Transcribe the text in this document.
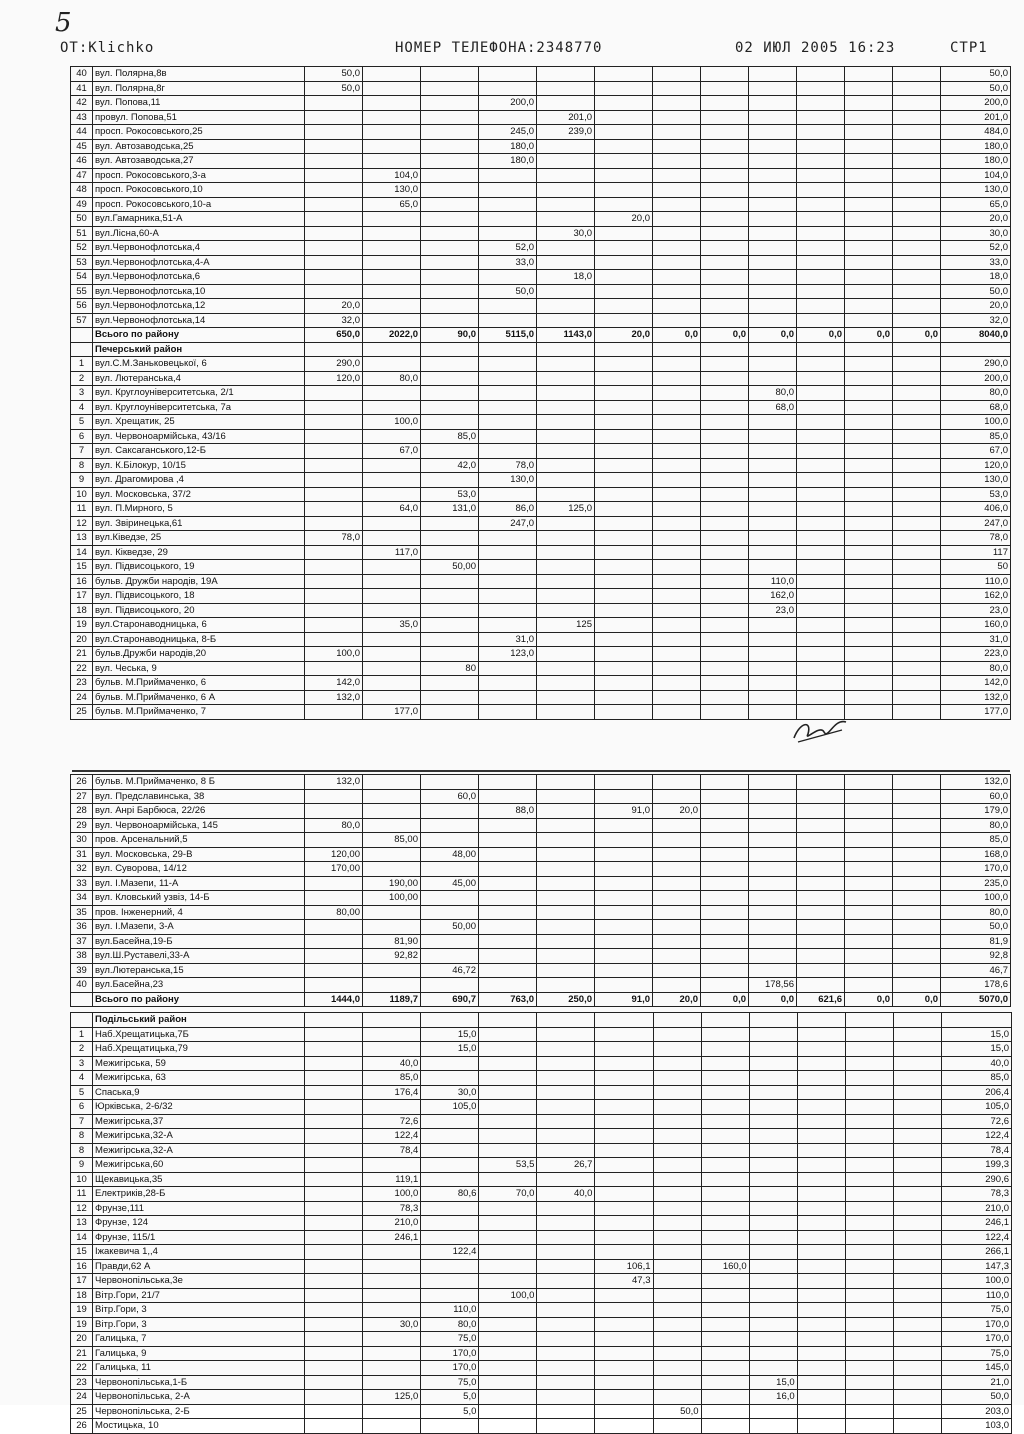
5
OT:Klichko	НОМЕР ТЕЛЕФОНА:2348770	02 ИЮЛ 2005 16:23	СТР1
40	вул. Полярна,8в	50,0												50,0
41	вул. Полярна,8г	50,0												50,0
42	вул. Попова,11				200,0									200,0
43	провул. Попова,51					201,0								201,0
44	просп. Рокосовського,25				245,0	239,0								484,0
45	вул. Автозаводська,25				180,0									180,0
46	вул. Автозаводська,27				180,0									180,0
47	просп. Рокосовського,3-а		104,0											104,0
48	просп. Рокосовського,10		130,0											130,0
49	просп. Рокосовського,10-а		65,0											65,0
50	вул.Гамарника,51-А						20,0							20,0
51	вул.Лісна,60-А					30,0								30,0
52	вул.Червонофлотська,4				52,0									52,0
53	вул.Червонофлотська,4-А				33,0									33,0
54	вул.Червонофлотська,6					18,0								18,0
55	вул.Червонофлотська,10				50,0									50,0
56	вул.Червонофлотська,12	20,0												20,0
57	вул.Червонофлотська,14	32,0												32,0
	Всього по району	650,0	2022,0	90,0	5115,0	1143,0	20,0	0,0	0,0	0,0	0,0	0,0	0,0	8040,0
	Печерський район													
1	вул.С.М.Заньковецької, 6	290,0												290,0
2	вул. Лютеранська,4	120,0	80,0											200,0
3	вул. Круглоуніверситетська, 2/1									80,0				80,0
4	вул. Круглоуніверситетська, 7а									68,0				68,0
5	вул. Хрещатик, 25		100,0											100,0
6	вул. Червоноармійська, 43/16			85,0										85,0
7	вул. Саксаганського,12-Б		67,0											67,0
8	вул. К.Білокур, 10/15			42,0	78,0									120,0
9	вул. Драгомирова ,4				130,0									130,0
10	вул. Московська, 37/2			53,0										53,0
11	вул. П.Мирного, 5		64,0	131,0	86,0	125,0								406,0
12	вул. Звіринецька,61				247,0									247,0
13	вул.Ківедзе, 25	78,0												78,0
14	вул. Кікведзе, 29		117,0											117
15	вул. Підвисоцького, 19			50,00										50
16	бульв. Дружби народів, 19А									110,0				110,0
17	вул. Підвисоцького, 18									162,0				162,0
18	вул. Підвисоцького, 20									23,0				23,0
19	вул.Старонаводницька, 6		35,0			125								160,0
20	вул.Старонаводницька, 8-Б				31,0									31,0
21	бульв.Дружби народів,20	100,0			123,0									223,0
22	вул. Чеська, 9			80										80,0
23	бульв. М.Приймаченко, 6	142,0												142,0
24	бульв. М.Приймаченко, 6 А	132,0												132,0
25	бульв. М.Приймаченко, 7		177,0											177,0
26	бульв. М.Приймаченко, 8 Б	132,0												132,0
27	вул. Предславинська, 38			60,0										60,0
28	вул. Анрі Барбюса, 22/26				88,0		91,0	20,0						179,0
29	вул. Червоноармійська, 145	80,0												80,0
30	пров. Арсенальний,5		85,00											85,0
31	вул. Московська, 29-В	120,00		48,00										168,0
32	вул. Суворова, 14/12	170,00												170,0
33	вул. І.Мазепи, 11-А		190,00	45,00										235,0
34	вул. Кловський узвіз, 14-Б		100,00											100,0
35	пров. Інженерний, 4	80,00												80,0
36	вул. І.Мазепи, 3-А			50,00										50,0
37	вул.Басейна,19-Б		81,90											81,9
38	вул.Ш.Руставелі,33-А		92,82											92,8
39	вул.Лютеранська,15			46,72										46,7
40	вул.Басейна,23									178,56				178,6
	Всього по району	1444,0	1189,7	690,7	763,0	250,0	91,0	20,0	0,0	0,0	621,6	0,0	0,0	5070,0
	Подільський район													
1	Наб.Хрещатицька,7Б			15,0										15,0
2	Наб.Хрещатицька,79			15,0										15,0
3	Межигірська, 59		40,0											40,0
4	Межигірська, 63		85,0											85,0
5	Спаська,9		176,4	30,0										206,4
6	Юрківська, 2-6/32			105,0										105,0
7	Межигірська,37		72,6											72,6
8	Межигірська,32-А		122,4											122,4
8	Межигірська,32-А		78,4											78,4
9	Межигірська,60				53,5	26,7								199,3
10	Щекавицька,35		119,1											290,6
11	Електриків,28-Б		100,0	80,6	70,0	40,0								78,3
12	Фрунзе,111		78,3											210,0
13	Фрунзе, 124		210,0											246,1
14	Фрунзе, 115/1		246,1											122,4
15	Іжакевича 1,,4			122,4										266,1
16	Правди,62 А						106,1		160,0					147,3
17	Червонопільська,3е						47,3							100,0
18	Вітр.Гори, 21/7				100,0									110,0
19	Вітр.Гори, 3			110,0										75,0
19	Вітр.Гори, 3		30,0	80,0										170,0
20	Галицька, 7			75,0										170,0
21	Галицька, 9			170,0										75,0
22	Галицька, 11			170,0										145,0
23	Червонопільська,1-Б			75,0						15,0				21,0
24	Червонопільська, 2-А		125,0	5,0						16,0				50,0
25	Червонопільська, 2-Б			5,0				50,0						203,0
26	Мостицька, 10													103,0
